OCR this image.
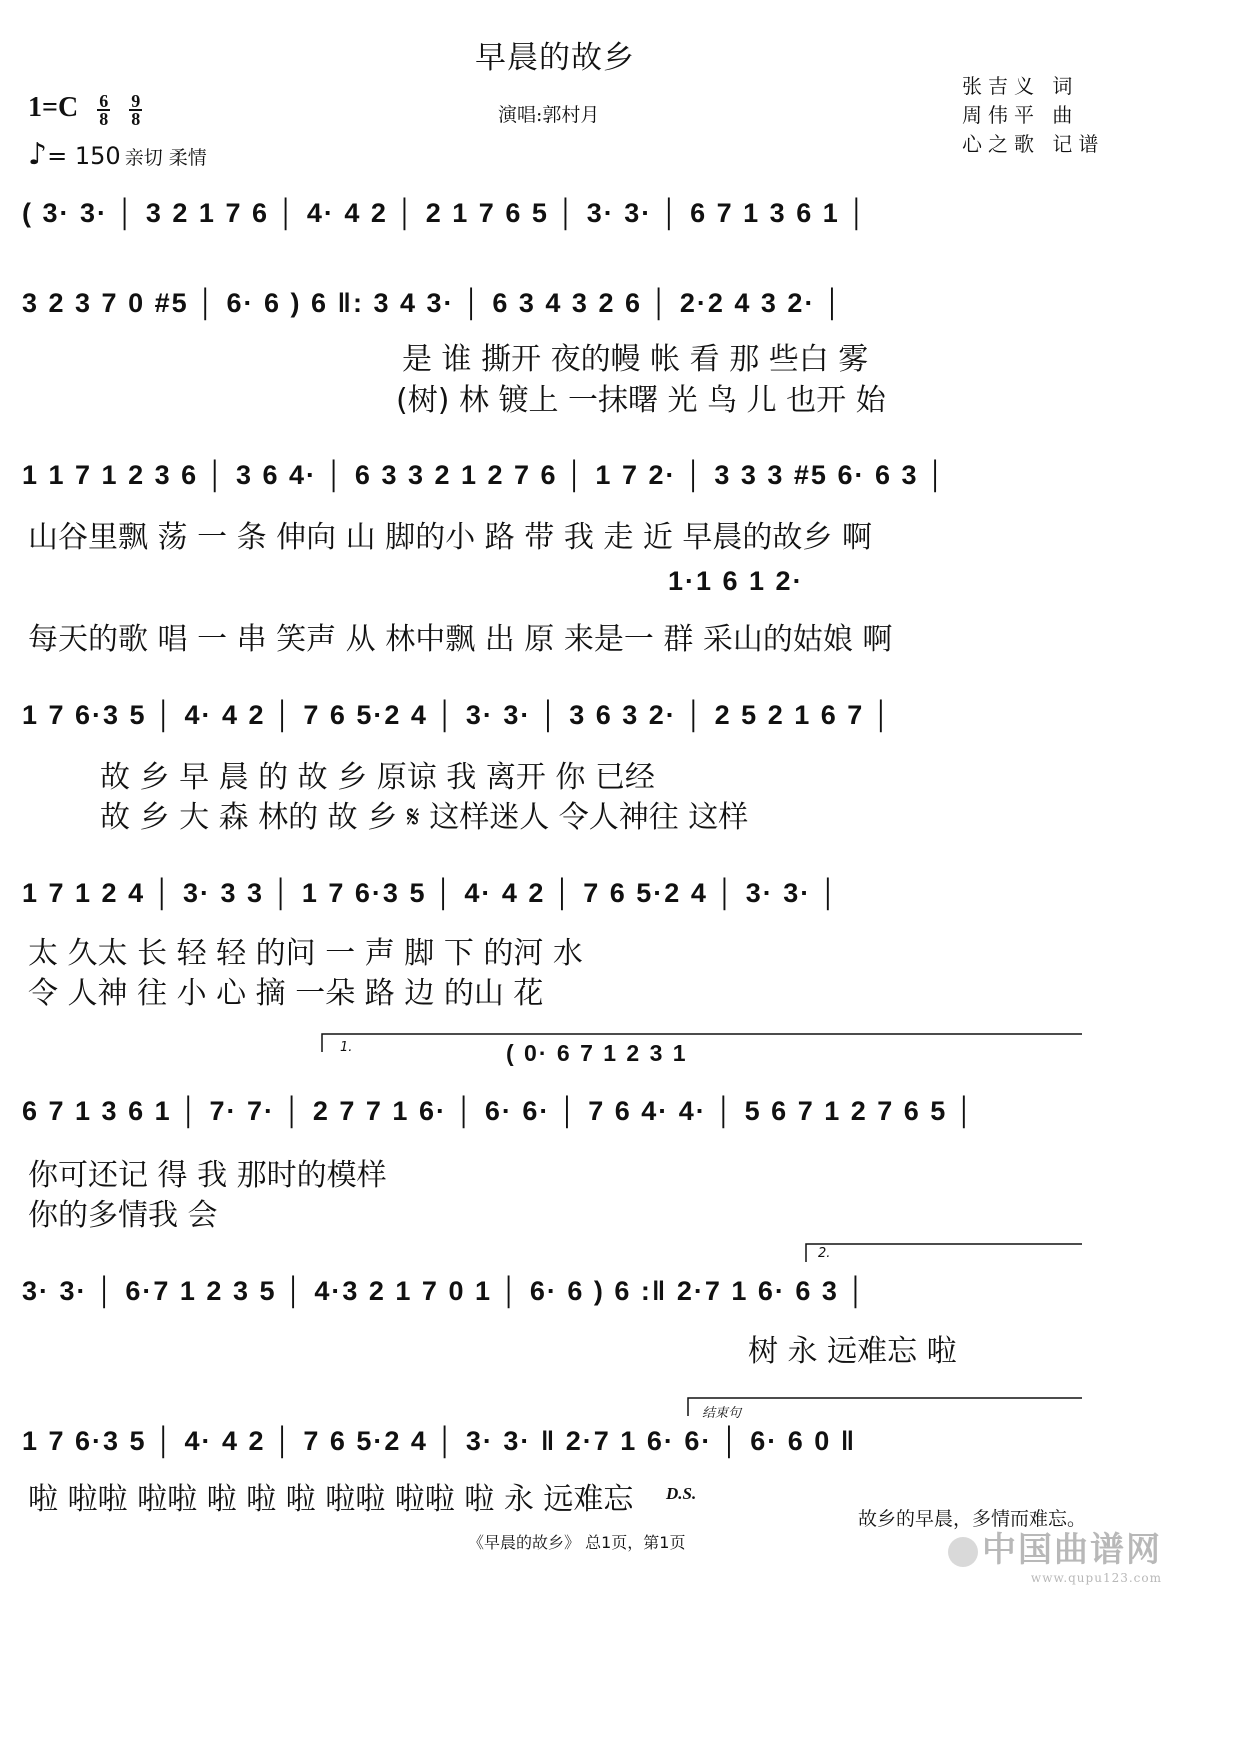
早晨的故乡
$1=C \frac{6}{8}$
$\frac{9}{8}$
♪= 150 亲切 柔情
演唱:郭村月
张吉义 词
周伟平 曲
心之歌 记谱
( 3· 3· │ 3 2 1 7 6 │ 4· 4 2 │ 2 1 7 6 5 │ 3· 3· │ 6 7 1 3 6 1 │
3 2 3 7 0 #5 │ 6· 6 ) 6 ‖: 3 4 3· │ 6 3 4 3 2 6 │ 2·2 4 3 2· │
是 谁 撕开 夜的幔 帐 看 那 些白 雾
(树) 林 镀上 一抹曙 光 鸟 儿 也开 始
1 1 7 1 2 3 6 │ 3 6 4· │ 6 3 3 2 1 2 7 6 │ 1 7 2· │ 3 3 3 #5 6· 6 3 │
山谷里飘 荡 一 条 伸向 山 脚的小 路 带 我 走 近 早晨的故乡 啊
1·1 6 1 2·
每天的歌 唱 一 串 笑声 从 林中飘 出 原 来是一 群 采山的姑娘 啊
1 7 6·3 5 │ 4· 4 2 │ 7 6 5·2 4 │ 3· 3· │ 3 6 3 2· │ 2 5 2 1 6 7 │
故 乡 早 晨 的 故 乡 原谅 我 离开 你 已经
故 乡 大 森 林的 故 乡 𝄋 这样迷人 令人神往 这样
1 7 1 2 4 │ 3· 3 3 │ 1 7 6·3 5 │ 4· 4 2 │ 7 6 5·2 4 │ 3· 3· │
太 久太 长 轻 轻 的问 一 声 脚 下 的河 水
令 人神 往 小 心 摘 一朵 路 边 的山 花
1.	( 0· 6 7 1 2 3 1
6 7 1 3 6 1 │ 7· 7· │ 2 7 7 1 6· │ 6· 6· │ 7 6 4· 4· │ 5 6 7 1 2 7 6 5 │
你可还记 得 我 那时的模样
你的多情我 会
2.
3· 3· │ 6·7 1 2 3 5 │ 4·3 2 1 7 0 1 │ 6· 6 ) 6 :‖ 2·7 1 6· 6 3 │
树 永 远难忘 啦
结束句
1 7 6·3 5 │ 4· 4 2 │ 7 6 5·2 4 │ 3· 3· ‖ 2·7 1 6· 6· │ 6· 6 0 ‖
啦 啦啦 啦啦 啦 啦 啦 啦啦 啦啦 啦 永 远难忘 D.S.
故乡的早晨，多情而难忘。
《早晨的故乡》 总1页，第1页	中国曲谱网
www.qupu123.com
